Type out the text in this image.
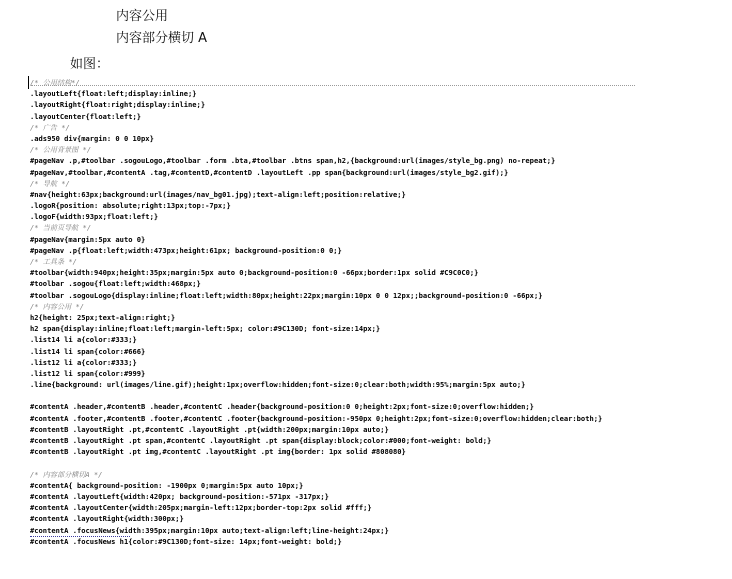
内容公用
内容部分横切 A
如图：
/* 公用结构*/
.layoutLeft{float:left;display:inline;}
.layoutRight{float:right;display:inline;}
.layoutCenter{float:left;}
/* 广告 */
.ads950 div{margin: 0 0 10px}
/* 公用背景图 */
#pageNav .p,#toolbar .sogouLogo,#toolbar .form .bta,#toolbar .btns span,h2,{background:url(images/style_bg.png) no-repeat;}
#pageNav,#toolbar,#contentA .tag,#contentD,#contentD .layoutLeft .pp span{background:url(images/style_bg2.gif);}
/* 导航 */
#nav{height:63px;background:url(images/nav_bg01.jpg);text-align:left;position:relative;}
.logoR{position: absolute;right:13px;top:-7px;}
.logoF{width:93px;float:left;}
/* 当前页导航 */
#pageNav{margin:5px auto 0}
#pageNav .p{float:left;width:473px;height:61px; background-position:0 0;}
/* 工具条 */
#toolbar{width:940px;height:35px;margin:5px auto 0;background-position:0 -66px;border:1px solid #C9C0C0;}
#toolbar .sogou{float:left;width:468px;}
#toolbar .sogouLogo{display:inline;float:left;width:80px;height:22px;margin:10px 0 0 12px;;background-position:0 -66px;}
/* 内容公用 */
h2{height: 25px;text-align:right;}
h2 span{display:inline;float:left;margin-left:5px; color:#9C130D; font-size:14px;}
.list14 li a{color:#333;}
.list14 li span{color:#666}
.list12 li a{color:#333;}
.list12 li span{color:#999}
.line{background: url(images/line.gif);height:1px;overflow:hidden;font-size:0;clear:both;width:95%;margin:5px auto;}
#contentA .header,#contentB .header,#contentC .header{background-position:0 0;height:2px;font-size:0;overflow:hidden;}
#contentA .footer,#contentB .footer,#contentC .footer{background-position:-950px 0;height:2px;font-size:0;overflow:hidden;clear:both;}
#contentB .layoutRight .pt,#contentC .layoutRight .pt{width:200px;margin:10px auto;}
#contentB .layoutRight .pt span,#contentC .layoutRight .pt span{display:block;color:#000;font-weight: bold;}
#contentB .layoutRight .pt img,#contentC .layoutRight .pt img{border: 1px solid #808080}
/* 内容部分横切A */
#contentA{ background-position: -1900px 0;margin:5px auto 10px;}
#contentA .layoutLeft{width:420px; background-position:-571px -317px;}
#contentA .layoutCenter{width:205px;margin-left:12px;border-top:2px solid #fff;}
#contentA .layoutRight{width:300px;}
#contentA .focusNews{width:395px;margin:10px auto;text-align:left;line-height:24px;}
#contentA .focusNews h1{color:#9C130D;font-size: 14px;font-weight: bold;}
